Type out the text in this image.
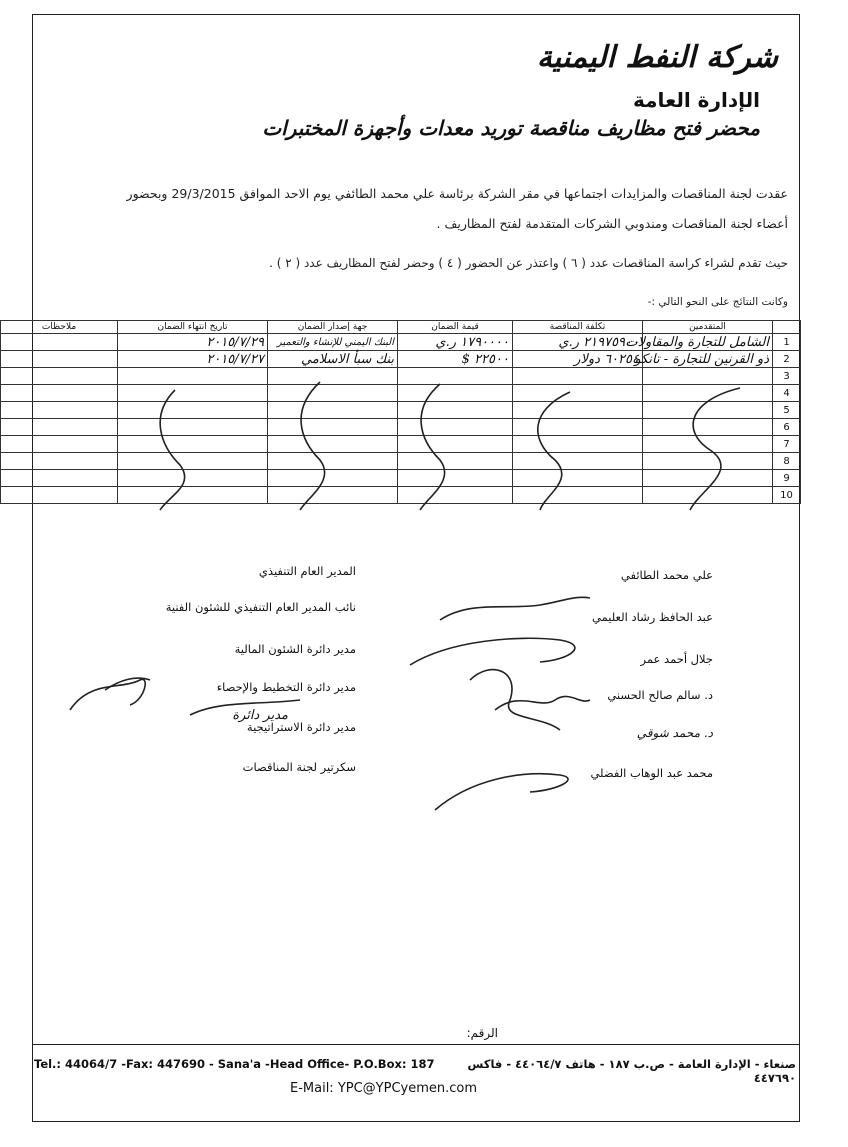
شركة النفط اليمنية
الإدارة العامة
محضر فتح مظاريف مناقصة توريد معدات وأجهزة المختبرات
عقدت لجنة المناقصات والمزايدات اجتماعها في مقر الشركة برئاسة علي محمد الطائفي يوم الاحد الموافق 29/3/2015 وبحضور
أعضاء لجنة المناقصات ومندوبي الشركات المتقدمة لفتح المظاريف .
حيث تقدم لشراء كراسة المناقصات عدد ( ٦ ) واعتذر عن الحضور ( ٤ ) وحضر لفتح المظاريف عدد ( ٢ ) .
وكانت النتائج على النحو التالي :-
	المتقدمين	تكلفة المناقصة	قيمة الضمان	جهة إصدار الضمان	تاريخ انتهاء الضمان	ملاحظات
1	الشامل للتجارة والمقاولات	٢١٩٧٥٩٠٠ ر.ي	١٧٩٠٠٠٠ ر.ي	البنك اليمني للإنشاء والتعمير	٢٠١٥/٧/٢٩	
2	ذو القرنين للتجارة - تانكو	٦٠٢٥٤ دولار	٢٢٥٠٠ $	بنك سبأ الاسلامي	٢٠١٥/٧/٢٧	
3						
4						
5						
6						
7						
8						
9						
10						
علي محمد الطائفي
عبد الحافظ رشاد العليمي
جلال أحمد عمر
د. سالم صالح الحسني
د. محمد شوقي
محمد عبد الوهاب الفضلي
المدير العام التنفيذي
نائب المدير العام التنفيذي للشئون الفنية
مدير دائرة الشئون المالية
مدير دائرة التخطيط والإحصاء
مدير دائرة الاستراتيجية
سكرتير لجنة المناقصات
مدير دائرة
الرقم:
Tel.: 44064/7 -Fax: 447690 - Sana'a -Head Office- P.O.Box: 187	صنعاء - الإدارة العامة - ص.ب ١٨٧ - هاتف ٤٤٠٦٤/٧ - فاكس ٤٤٧٦٩٠
E-Mail: YPC@YPCyemen.com
